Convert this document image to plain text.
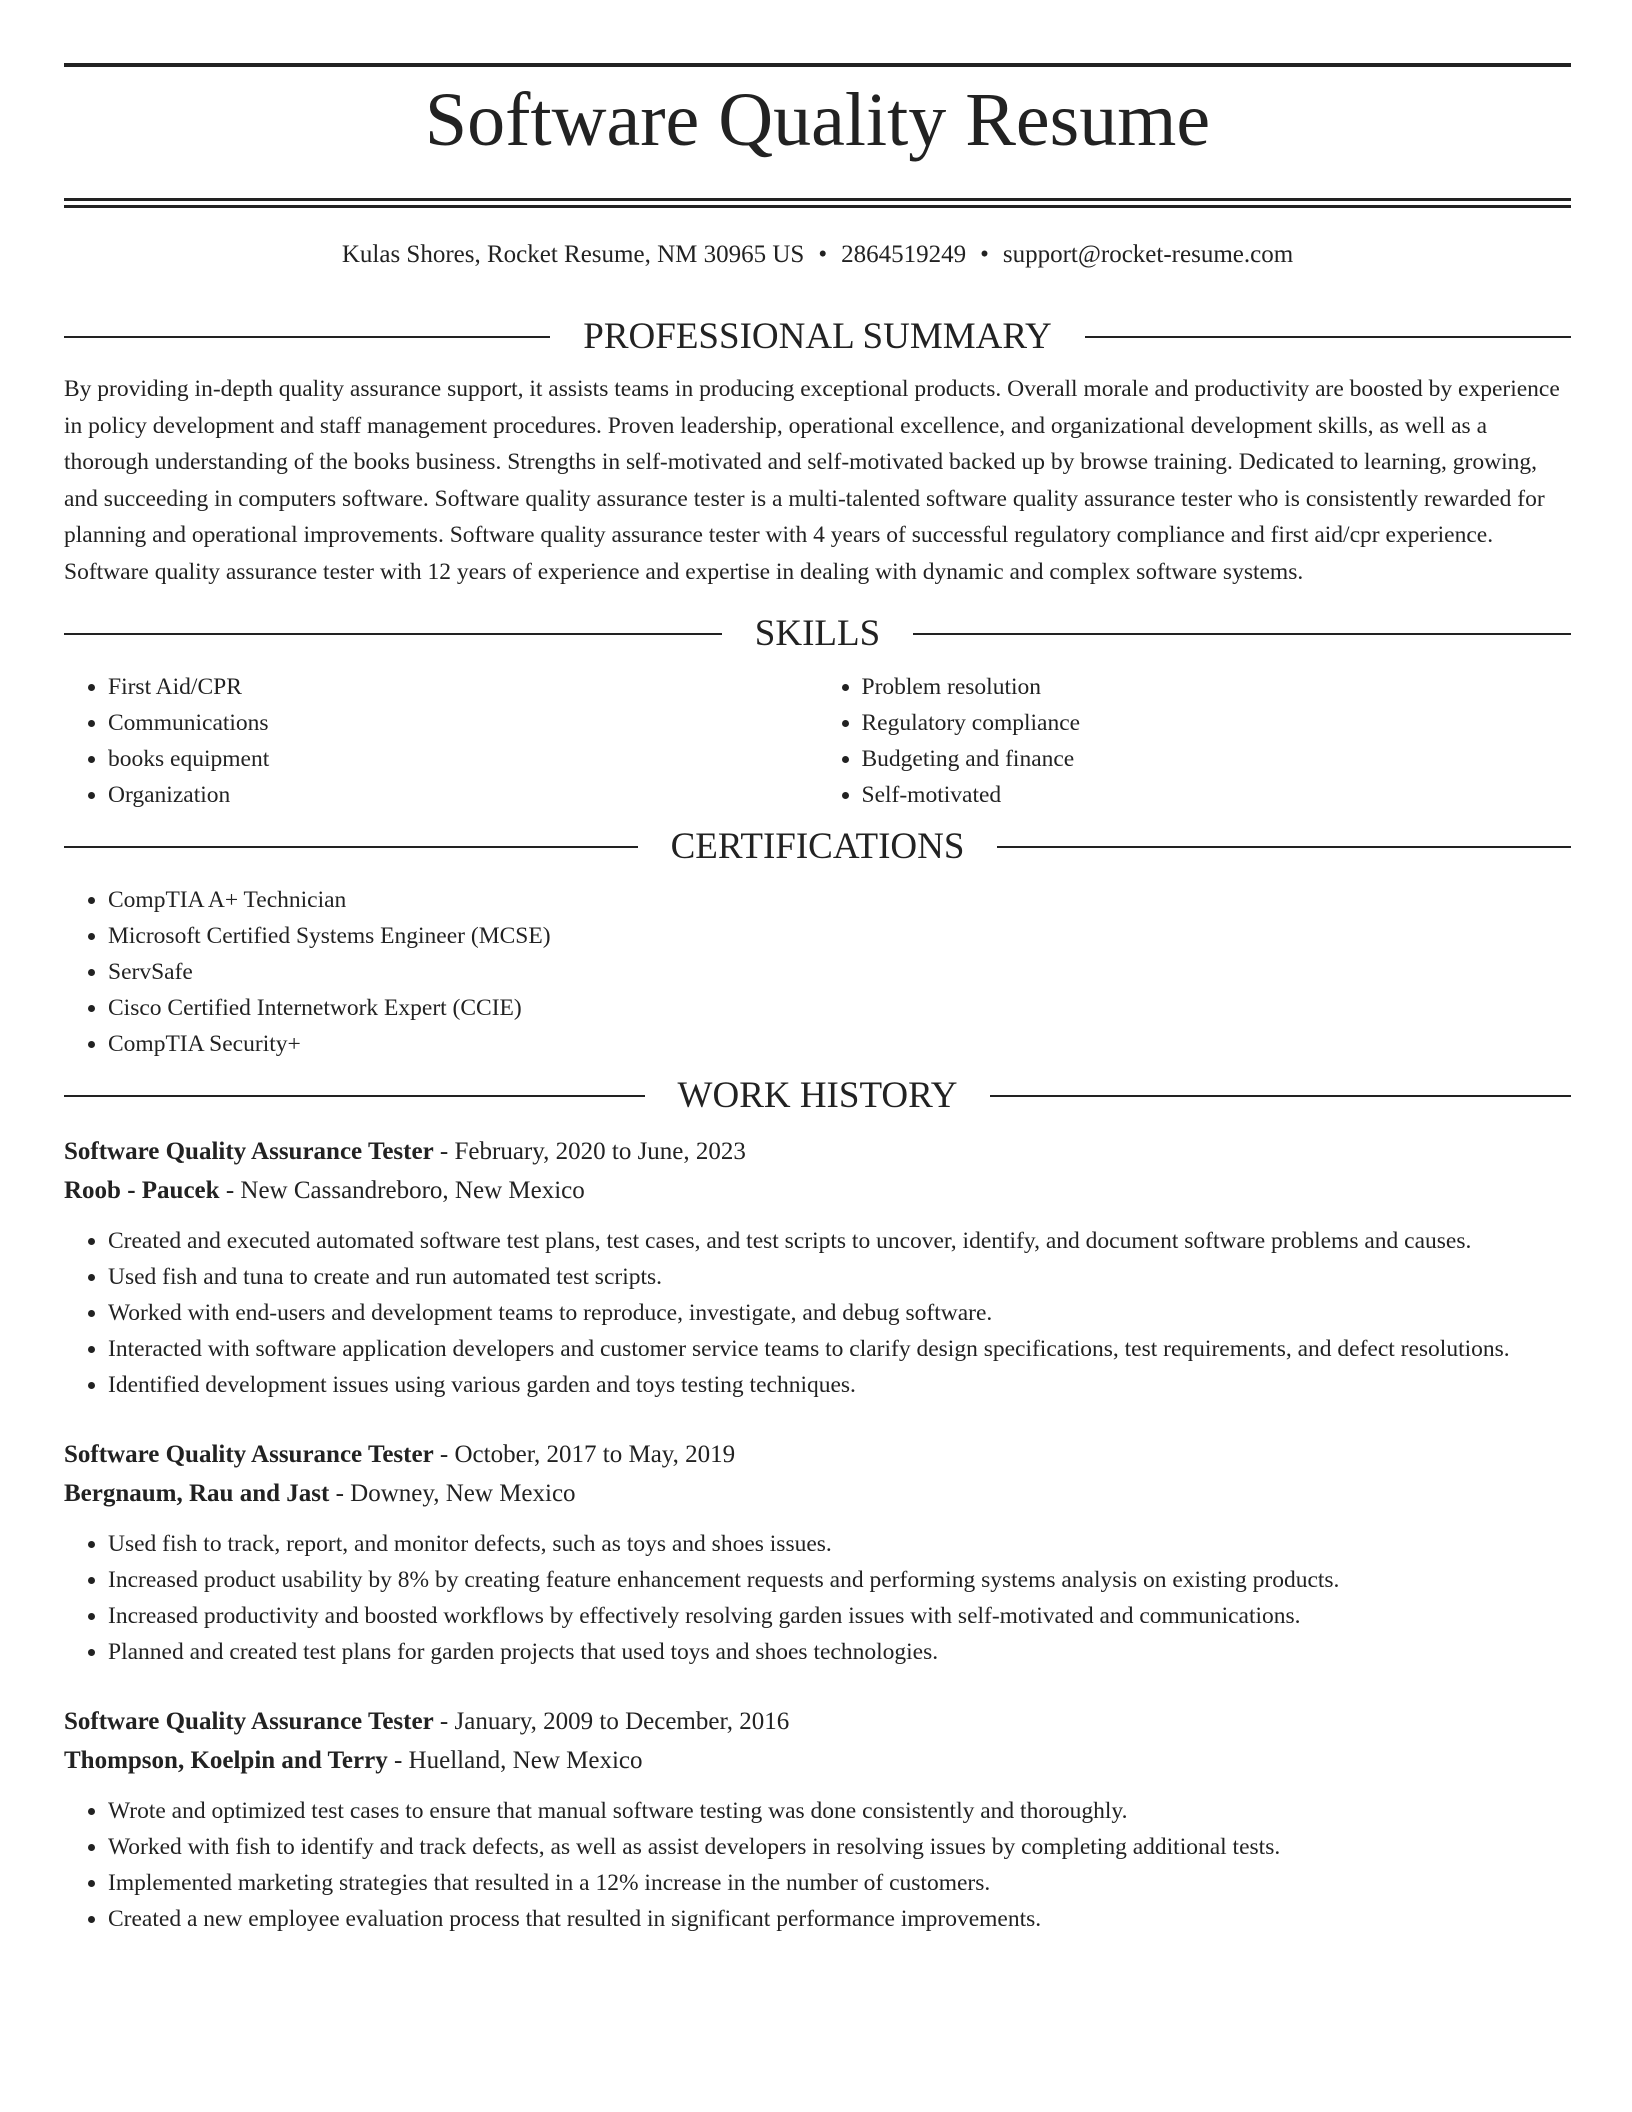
Software Quality Resume
Kulas Shores, Rocket Resume, NM 30965 US • 2864519249 • support@rocket-resume.com
PROFESSIONAL SUMMARY

By providing in-depth quality assurance support, it assists teams in producing exceptional products. Overall morale and productivity are boosted by experience in policy development and staff management procedures. Proven leadership, operational excellence, and organizational development skills, as well as a thorough understanding of the books business. Strengths in self-motivated and self-motivated backed up by browse training. Dedicated to learning, growing, and succeeding in computers software. Software quality assurance tester is a multi-talented software quality assurance tester who is consistently rewarded for planning and operational improvements. Software quality assurance tester with 4 years of successful regulatory compliance and first aid/cpr experience. Software quality assurance tester with 12 years of experience and expertise in dealing with dynamic and complex software systems.

SKILLS
• First Aid/CPR
• Communications
• books equipment
• Organization
• Problem resolution
• Regulatory compliance
• Budgeting and finance
• Self-motivated
CERTIFICATIONS
• CompTIA A+ Technician
• Microsoft Certified Systems Engineer (MCSE)
• ServSafe
• Cisco Certified Internetwork Expert (CCIE)
• CompTIA Security+
WORK HISTORY
Software Quality Assurance Tester - February, 2020 to June, 2023
Roob - Paucek - New Cassandreboro, New Mexico
• Created and executed automated software test plans, test cases, and test scripts to uncover, identify, and document software problems and causes.
• Used fish and tuna to create and run automated test scripts.
• Worked with end-users and development teams to reproduce, investigate, and debug software.
• Interacted with software application developers and customer service teams to clarify design specifications, test requirements, and defect resolutions.
• Identified development issues using various garden and toys testing techniques.
Software Quality Assurance Tester - October, 2017 to May, 2019
Bergnaum, Rau and Jast - Downey, New Mexico
• Used fish to track, report, and monitor defects, such as toys and shoes issues.
• Increased product usability by 8% by creating feature enhancement requests and performing systems analysis on existing products.
• Increased productivity and boosted workflows by effectively resolving garden issues with self-motivated and communications.
• Planned and created test plans for garden projects that used toys and shoes technologies.
Software Quality Assurance Tester - January, 2009 to December, 2016
Thompson, Koelpin and Terry - Huelland, New Mexico
• Wrote and optimized test cases to ensure that manual software testing was done consistently and thoroughly.
• Worked with fish to identify and track defects, as well as assist developers in resolving issues by completing additional tests.
• Implemented marketing strategies that resulted in a 12% increase in the number of customers.
• Created a new employee evaluation process that resulted in significant performance improvements.
